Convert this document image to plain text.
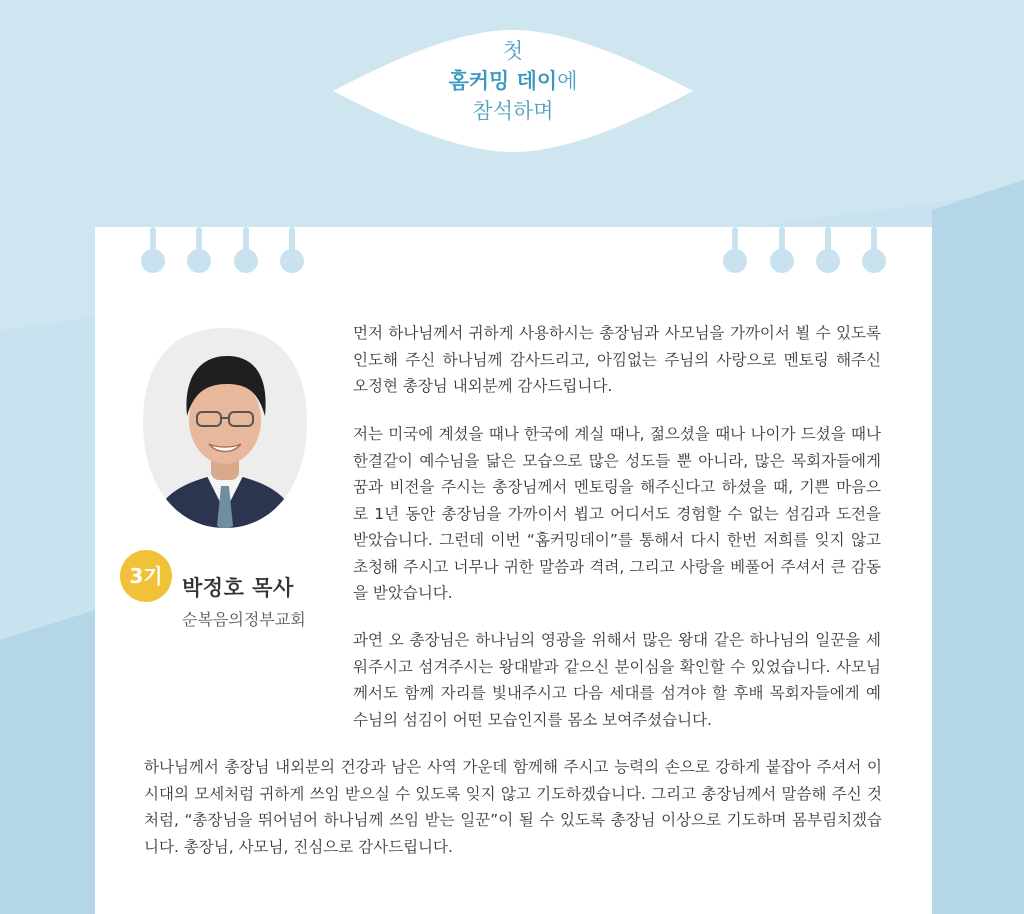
첫
홈커밍 데이에
참석하며
3기 박정호 목사
순복음의정부교회

먼저 하나님께서 귀하게 사용하시는 총장님과 사모님을 가까이서 뵐 수 있도록 인도해 주신 하나님께 감사드리고, 아낌없는 주님의 사랑으로 멘토링 해주신 오정현 총장님 내외분께 감사드립니다.

저는 미국에 계셨을 때나 한국에 계실 때나, 젊으셨을 때나 나이가 드셨을 때나 한결같이 예수님을 닮은 모습으로 많은 성도들 뿐 아니라, 많은 목회자들에게 꿈과 비전을 주시는 총장님께서 멘토링을 해주신다고 하셨을 때, 기쁜 마음으로 1년 동안 총장님을 가까이서 뵙고 어디서도 경험할 수 없는 섬김과 도전을 받았습니다. 그런데 이번 “홈커밍데이”를 통해서 다시 한번 저희를 잊지 않고 초청해 주시고 너무나 귀한 말씀과 격려, 그리고 사랑을 베풀어 주셔서 큰 감동을 받았습니다.

과연 오 총장님은 하나님의 영광을 위해서 많은 왕대 같은 하나님의 일꾼을 세워주시고 섬겨주시는 왕대밭과 같으신 분이심을 확인할 수 있었습니다. 사모님께서도 함께 자리를 빛내주시고 다음 세대를 섬겨야 할 후배 목회자들에게 예수님의 섬김이 어떤 모습인지를 몸소 보여주셨습니다.

하나님께서 총장님 내외분의 건강과 남은 사역 가운데 함께해 주시고 능력의 손으로 강하게 붙잡아 주셔서 이 시대의 모세처럼 귀하게 쓰임 받으실 수 있도록 잊지 않고 기도하겠습니다. 그리고 총장님께서 말씀해 주신 것처럼, “총장님을 뛰어넘어 하나님께 쓰임 받는 일꾼”이 될 수 있도록 총장님 이상으로 기도하며 몸부림치겠습니다. 총장님, 사모님, 진심으로 감사드립니다.
